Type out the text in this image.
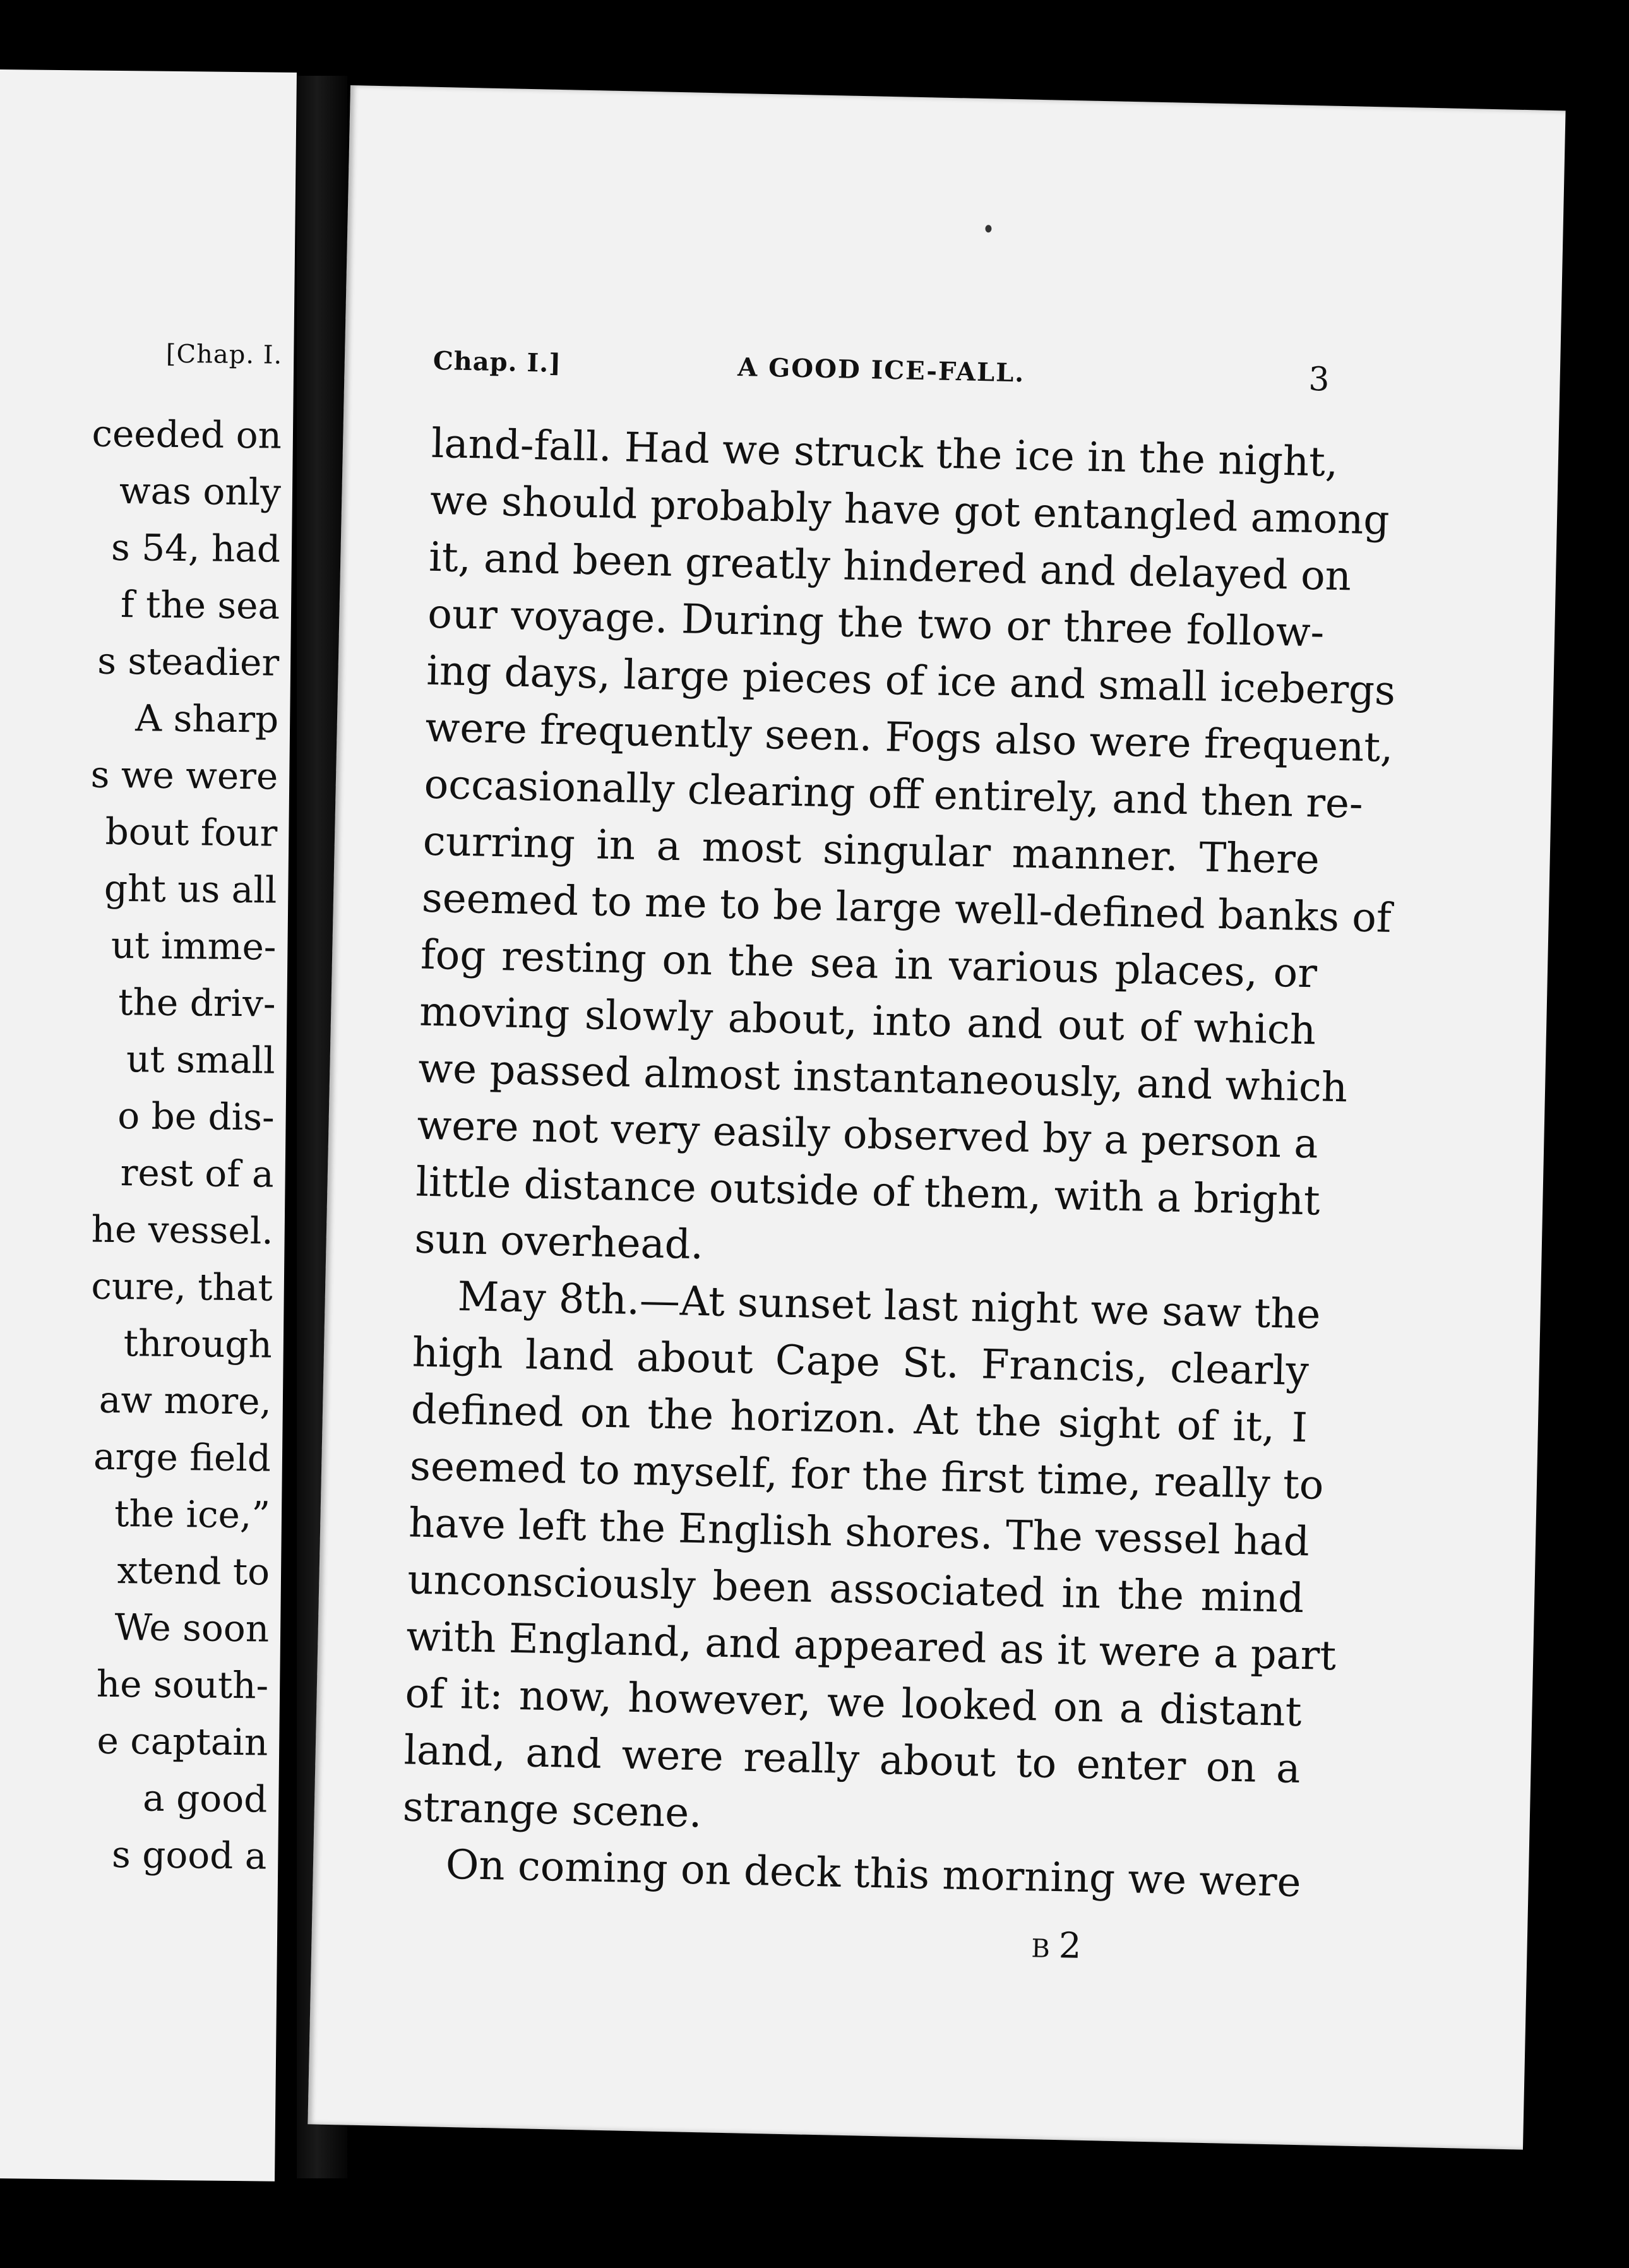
[Chap. I.
ceeded on
was only
s 54, had
f the sea
s steadier
A sharp
s we were
bout four
ght us all
ut imme-
the driv-
ut small
o be dis-
rest of a
he vessel.
cure, that
through
aw more,
arge field
the ice,”
xtend to
We soon
he south-
e captain
a good
s good a
Chap. I.]	A GOOD ICE-FALL.	3
land-fall. Had we struck the ice in the night,
we should probably have got entangled among
it, and been greatly hindered and delayed on
our voyage. During the two or three follow-
ing days, large pieces of ice and small icebergs
were frequently seen. Fogs also were frequent,
occasionally clearing off entirely, and then re-
curring in a most singular manner. There
seemed to me to be large well-defined banks of
fog resting on the sea in various places, or
moving slowly about, into and out of which
we passed almost instantaneously, and which
were not very easily observed by a person a
little distance outside of them, with a bright
sun overhead.
May 8th.—At sunset last night we saw the
high land about Cape St. Francis, clearly
defined on the horizon. At the sight of it, I
seemed to myself, for the first time, really to
have left the English shores. The vessel had
unconsciously been associated in the mind
with England, and appeared as it were a part
of it: now, however, we looked on a distant
land, and were really about to enter on a
strange scene.
On coming on deck this morning we were
B 2
